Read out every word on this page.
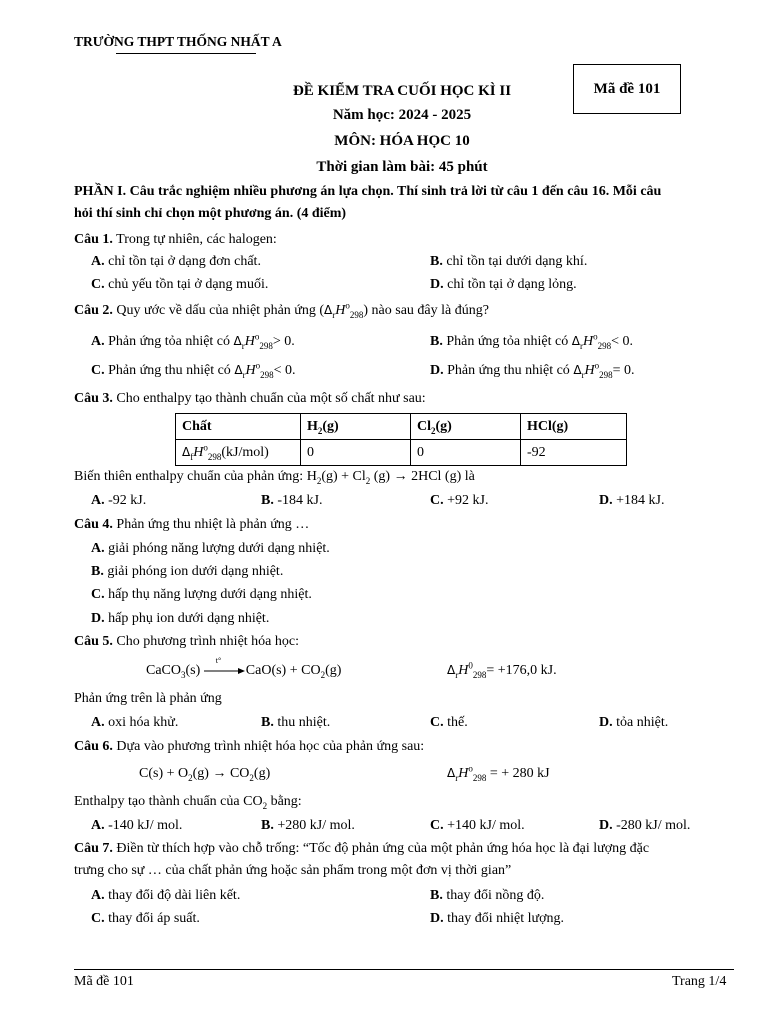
TRƯỜNG THPT THỐNG NHẤT A
Mã đề 101
ĐỀ KIỂM TRA CUỐI HỌC KÌ II
Năm học: 2024 - 2025
MÔN: HÓA HỌC 10
Thời gian làm bài: 45 phút
PHẦN I. Câu trắc nghiệm nhiều phương án lựa chọn. Thí sinh trả lời từ câu 1 đến câu 16. Mỗi câu
hỏi thí sinh chỉ chọn một phương án. (4 điểm)
Câu 1. Trong tự nhiên, các halogen:
A. chỉ tồn tại ở dạng đơn chất.	B. chỉ tồn tại dưới dạng khí.
C. chủ yếu tồn tại ở dạng muối.	D. chỉ tồn tại ở dạng lỏng.
Câu 2. Quy ước về dấu của nhiệt phản ứng $(\Delta_rH^o_{298})$ nào sau đây là đúng?
A. Phản ứng tỏa nhiệt có $\Delta_rH^o_{298}> 0$.	B. Phản ứng tỏa nhiệt có $\Delta_rH^o_{298}< 0$.
C. Phản ứng thu nhiệt có $\Delta_rH^o_{298}< 0$.	D. Phản ứng thu nhiệt có $\Delta_rH^o_{298}= 0$.
Câu 3. Cho enthalpy tạo thành chuẩn của một số chất như sau:
Chất	$H_2(g)$	$Cl_2(g)$	HCl(g)
$\Delta_fH^o_{298}(kJ/mol)$	0	0	-92
Biến thiên enthalpy chuẩn của phản ứng: $H_2(g) + Cl_2$ (g) → 2HCl (g) là
A. -92 kJ.	B. -184 kJ.	C. +92 kJ.	D. +184 kJ.
Câu 4. Phản ứng thu nhiệt là phản ứng …
A. giải phóng năng lượng dưới dạng nhiệt.
B. giải phóng ion dưới dạng nhiệt.
C. hấp thụ năng lượng dưới dạng nhiệt.
D. hấp phụ ion dưới dạng nhiệt.
Câu 5. Cho phương trình nhiệt hóa học:
CaCO$_3$(s)
t°
$CaO(s) + CO_2(g)$	$\Delta_rH^0_{298}= +176,0$ kJ.
Phản ứng trên là phản ứng
A. oxi hóa khử.	B. thu nhiệt.	C. thế.	D. tỏa nhiệt.
Câu 6. Dựa vào phương trình nhiệt hóa học của phản ứng sau:
$C(s) + O_2(g) \to CO_2(g)$	$\Delta_rH^o_{298}$ = + 280 kJ
Enthalpy tạo thành chuẩn của $CO_2$ bằng:
A. -140 kJ/ mol.	B. +280 kJ/ mol.	C. +140 kJ/ mol.	D. -280 kJ/ mol.
Câu 7. Điền từ thích hợp vào chỗ trống: “Tốc độ phản ứng của một phản ứng hóa học là đại lượng đặc
trưng cho sự … của chất phản ứng hoặc sản phẩm trong một đơn vị thời gian”
A. thay đổi độ dài liên kết.	B. thay đổi nồng độ.
C. thay đổi áp suất.	D. thay đổi nhiệt lượng.
Mã đề 101	Trang 1/4
